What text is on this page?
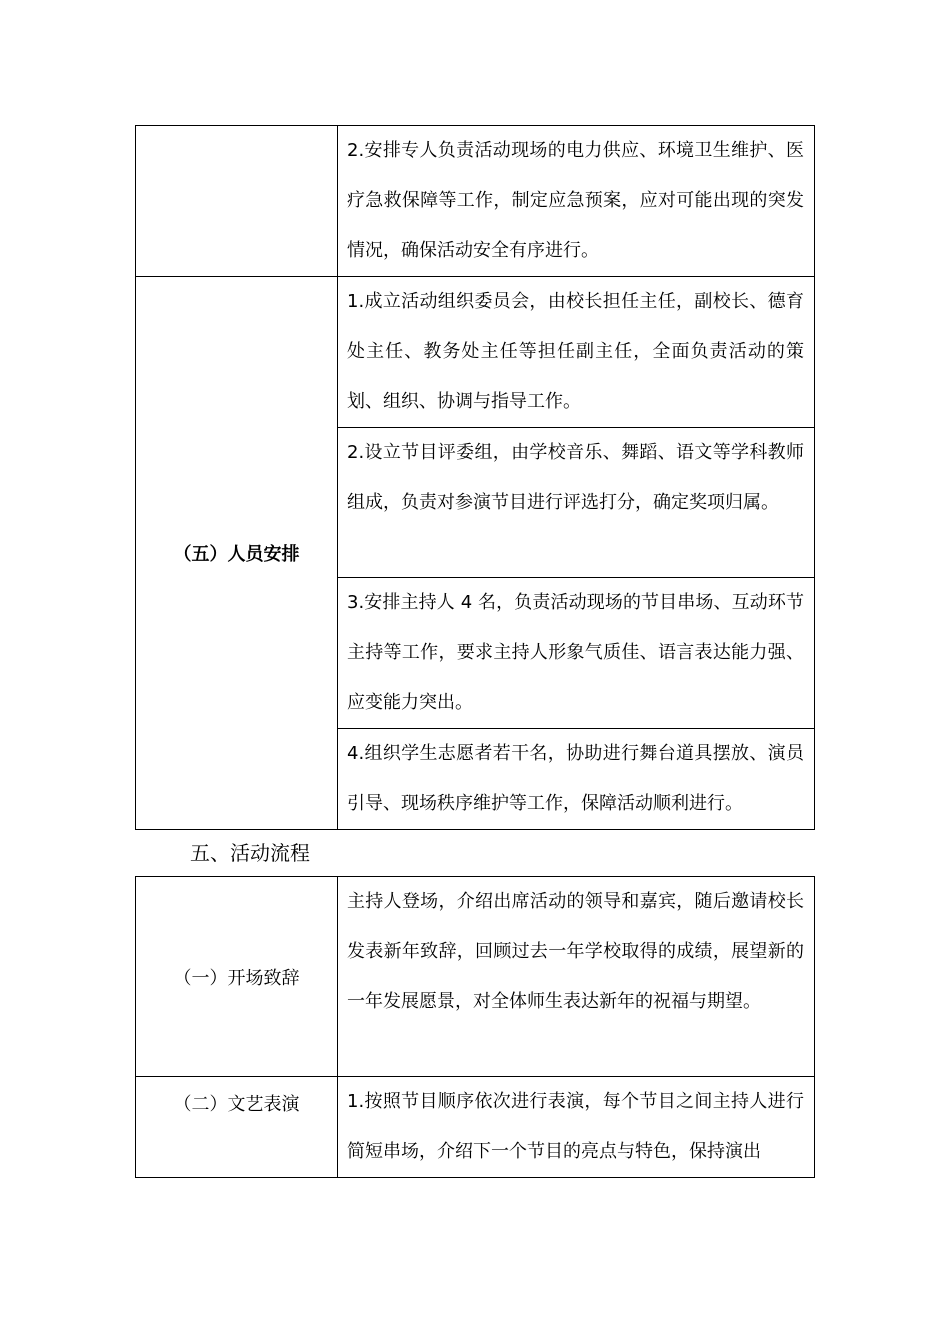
	2.安排专人负责活动现场的电力供应、环境卫生维护、医疗急救保障等工作，制定应急预案，应对可能出现的突发情况，确保活动安全有序进行。

（五）人员安排	1.成立活动组织委员会，由校长担任主任，副校长、德育处主任、教务处主任等担任副主任，全面负责活动的策划、组织、协调与指导工作。

	2.设立节目评委组，由学校音乐、舞蹈、语文等学科教师组成，负责对参演节目进行评选打分，确定奖项归属。

	3.安排主持人 4 名，负责活动现场的节目串场、互动环节主持等工作，要求主持人形象气质佳、语言表达能力强、应变能力突出。

	4.组织学生志愿者若干名，协助进行舞台道具摆放、演员引导、现场秩序维护等工作，保障活动顺利进行。
五、活动流程
（一）开场致辞	主持人登场，介绍出席活动的领导和嘉宾，随后邀请校长发表新年致辞，回顾过去一年学校取得的成绩，展望新的一年发展愿景，对全体师生表达新年的祝福与期望。

（二）文艺表演	1.按照节目顺序依次进行表演，每个节目之间主持人进行简短串场，介绍下一个节目的亮点与特色，保持演出
